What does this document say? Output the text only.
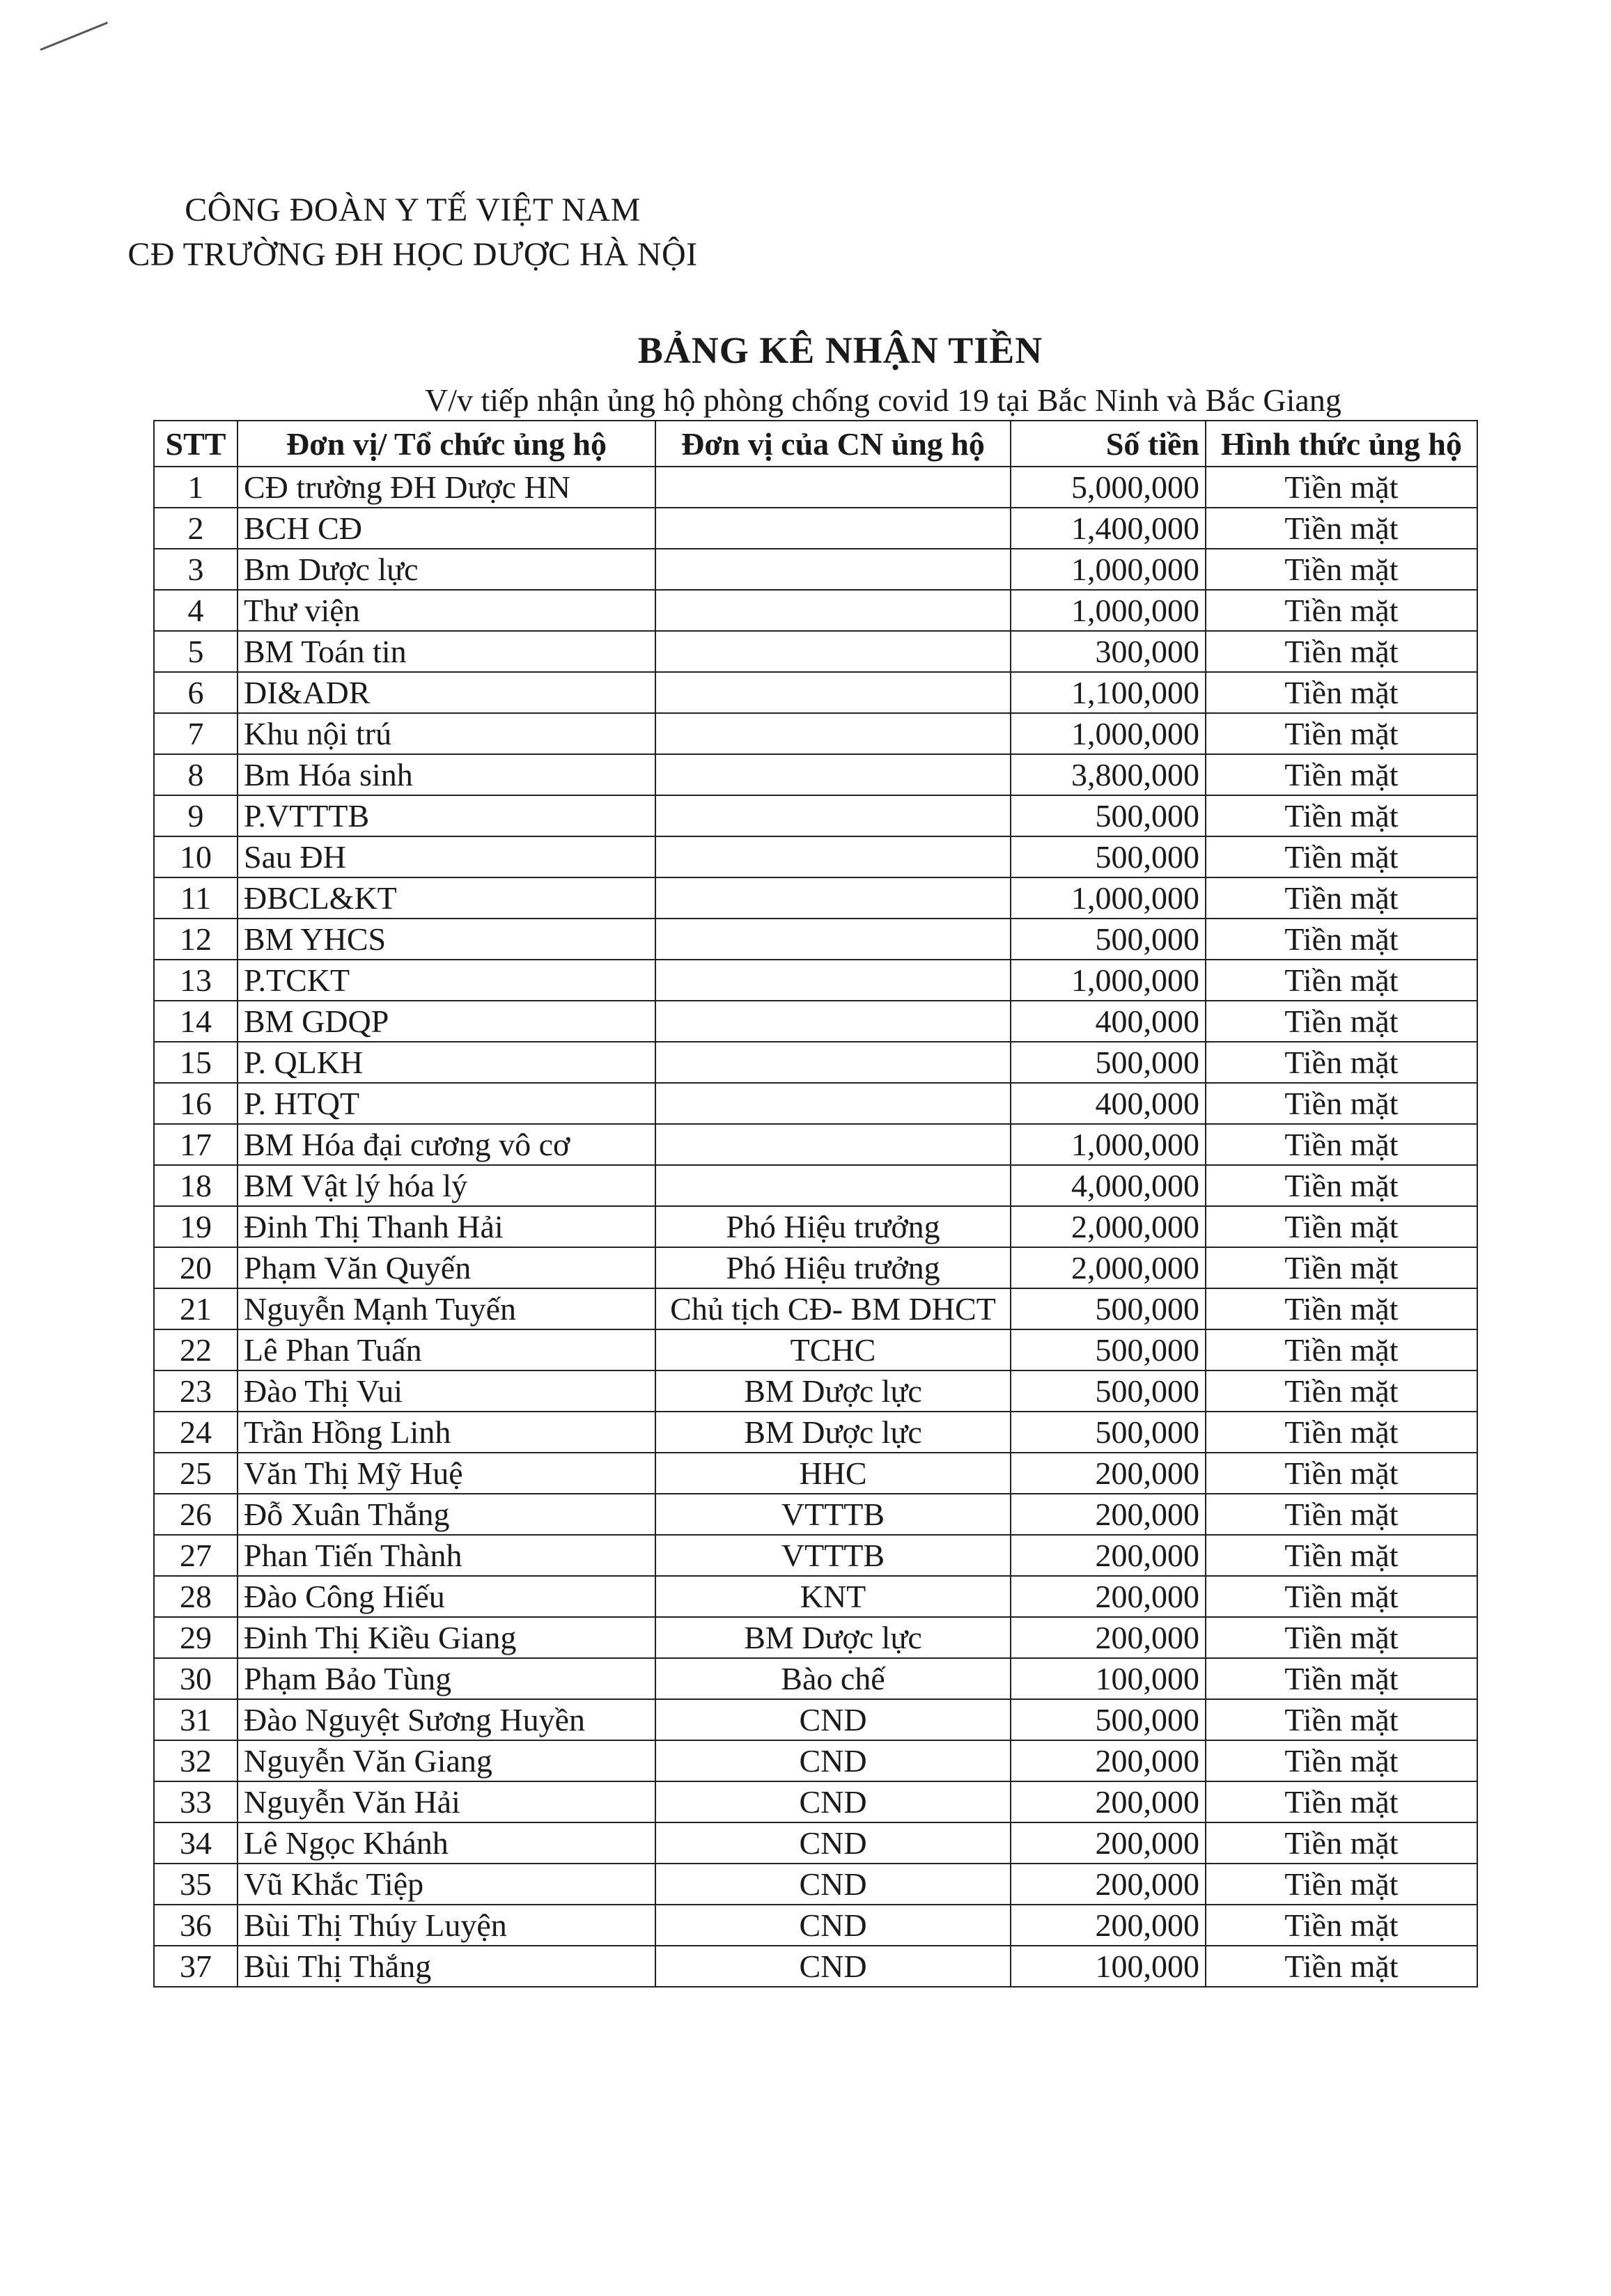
CÔNG ĐOÀN Y TẾ VIỆT NAM
CĐ TRƯỜNG ĐH HỌC DƯỢC HÀ NỘI
BẢNG KÊ NHẬN TIỀN
V/v tiếp nhận ủng hộ phòng chống covid 19 tại Bắc Ninh và Bắc Giang
STT	Đơn vị/ Tổ chức ủng hộ	Đơn vị của CN ủng hộ	Số tiền	Hình thức ủng hộ
1	CĐ trường ĐH Dược HN		5,000,000	Tiền mặt
2	BCH CĐ		1,400,000	Tiền mặt
3	Bm Dược lực		1,000,000	Tiền mặt
4	Thư viện		1,000,000	Tiền mặt
5	BM Toán tin		300,000	Tiền mặt
6	DI&ADR		1,100,000	Tiền mặt
7	Khu nội trú		1,000,000	Tiền mặt
8	Bm Hóa sinh		3,800,000	Tiền mặt
9	P.VTTTB		500,000	Tiền mặt
10	Sau ĐH		500,000	Tiền mặt
11	ĐBCL&KT		1,000,000	Tiền mặt
12	BM YHCS		500,000	Tiền mặt
13	P.TCKT		1,000,000	Tiền mặt
14	BM GDQP		400,000	Tiền mặt
15	P. QLKH		500,000	Tiền mặt
16	P. HTQT		400,000	Tiền mặt
17	BM Hóa đại cương vô cơ		1,000,000	Tiền mặt
18	BM Vật lý hóa lý		4,000,000	Tiền mặt
19	Đinh Thị Thanh Hải	Phó Hiệu trưởng	2,000,000	Tiền mặt
20	Phạm Văn Quyến	Phó Hiệu trưởng	2,000,000	Tiền mặt
21	Nguyễn Mạnh Tuyến	Chủ tịch CĐ- BM DHCT	500,000	Tiền mặt
22	Lê Phan Tuấn	TCHC	500,000	Tiền mặt
23	Đào Thị Vui	BM Dược lực	500,000	Tiền mặt
24	Trần Hồng Linh	BM Dược lực	500,000	Tiền mặt
25	Văn Thị Mỹ Huệ	HHC	200,000	Tiền mặt
26	Đỗ Xuân Thắng	VTTTB	200,000	Tiền mặt
27	Phan Tiến Thành	VTTTB	200,000	Tiền mặt
28	Đào Công Hiếu	KNT	200,000	Tiền mặt
29	Đinh Thị Kiều Giang	BM Dược lực	200,000	Tiền mặt
30	Phạm Bảo Tùng	Bào chế	100,000	Tiền mặt
31	Đào Nguyệt Sương Huyền	CND	500,000	Tiền mặt
32	Nguyễn Văn Giang	CND	200,000	Tiền mặt
33	Nguyễn Văn Hải	CND	200,000	Tiền mặt
34	Lê Ngọc Khánh	CND	200,000	Tiền mặt
35	Vũ Khắc Tiệp	CND	200,000	Tiền mặt
36	Bùi Thị Thúy Luyện	CND	200,000	Tiền mặt
37	Bùi Thị Thắng	CND	100,000	Tiền mặt
